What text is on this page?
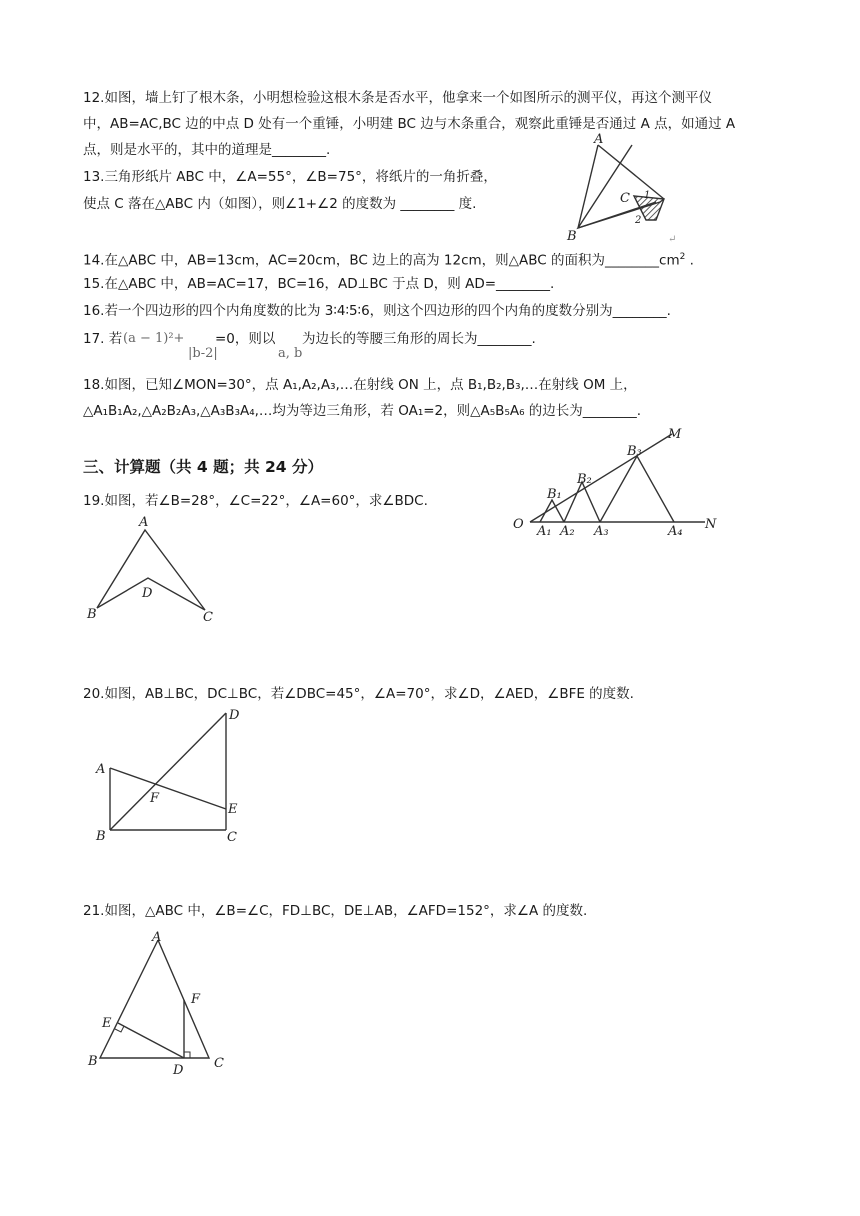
12.如图，墙上钉了根木条，小明想检验这根木条是否水平，他拿来一个如图所示的测平仪，再这个测平仪
中，AB=AC,BC 边的中点 D 处有一个重锤，小明建 BC 边与木条重合，观察此重锤是否通过 A 点，如通过 A
点，则是水平的，其中的道理是________.
13.三角形纸片 ABC 中，∠A=55°，∠B=75°，将纸片的一角折叠，
使点 C 落在△ABC 内（如图），则∠1+∠2 的度数为 ________ 度.
A
B
C 1
2
↵
14.在△ABC 中，AB=13cm，AC=20cm，BC 边上的高为 12cm，则△ABC 的面积为$\_\_\_\_\_\_\_\_cm^2$ .
15.在△ABC 中，AB=AC=17，BC=16，AD⊥BC 于点 D，则 AD=________.
16.若一个四边形的四个内角度数的比为 3∶4∶5∶6，则这个四边形的四个内角的度数分别为________.
17. 若 (a − 1)²+ =0，则以
|b-2|	a, b
为边长的等腰三角形的周长为________.
18.如图，已知∠MON=30°，点 A₁,A₂,A₃,…在射线 ON 上，点 B₁,B₂,B₃,…在射线 OM 上，
△A₁B₁A₂,△A₂B₂A₃,△A₃B₃A₄,…均为等边三角形，若 OA₁=2，则△A₅B₅A₆ 的边长为________.
三、计算题（共 4 题；共 24 分）
O	N
M
A₁ A₂ A₃	A₄
B₁
B₂
B₃
19.如图，若∠B=28°，∠C=22°，∠A=60°，求∠BDC.
A
B	C
D
20.如图，AB⊥BC，DC⊥BC，若∠DBC=45°，∠A=70°，求∠D，∠AED，∠BFE 的度数.
A
B	C
D
E
F
21.如图，△ABC 中，∠B=∠C，FD⊥BC，DE⊥AB，∠AFD=152°，求∠A 的度数.
A
B	C
D
E
F
